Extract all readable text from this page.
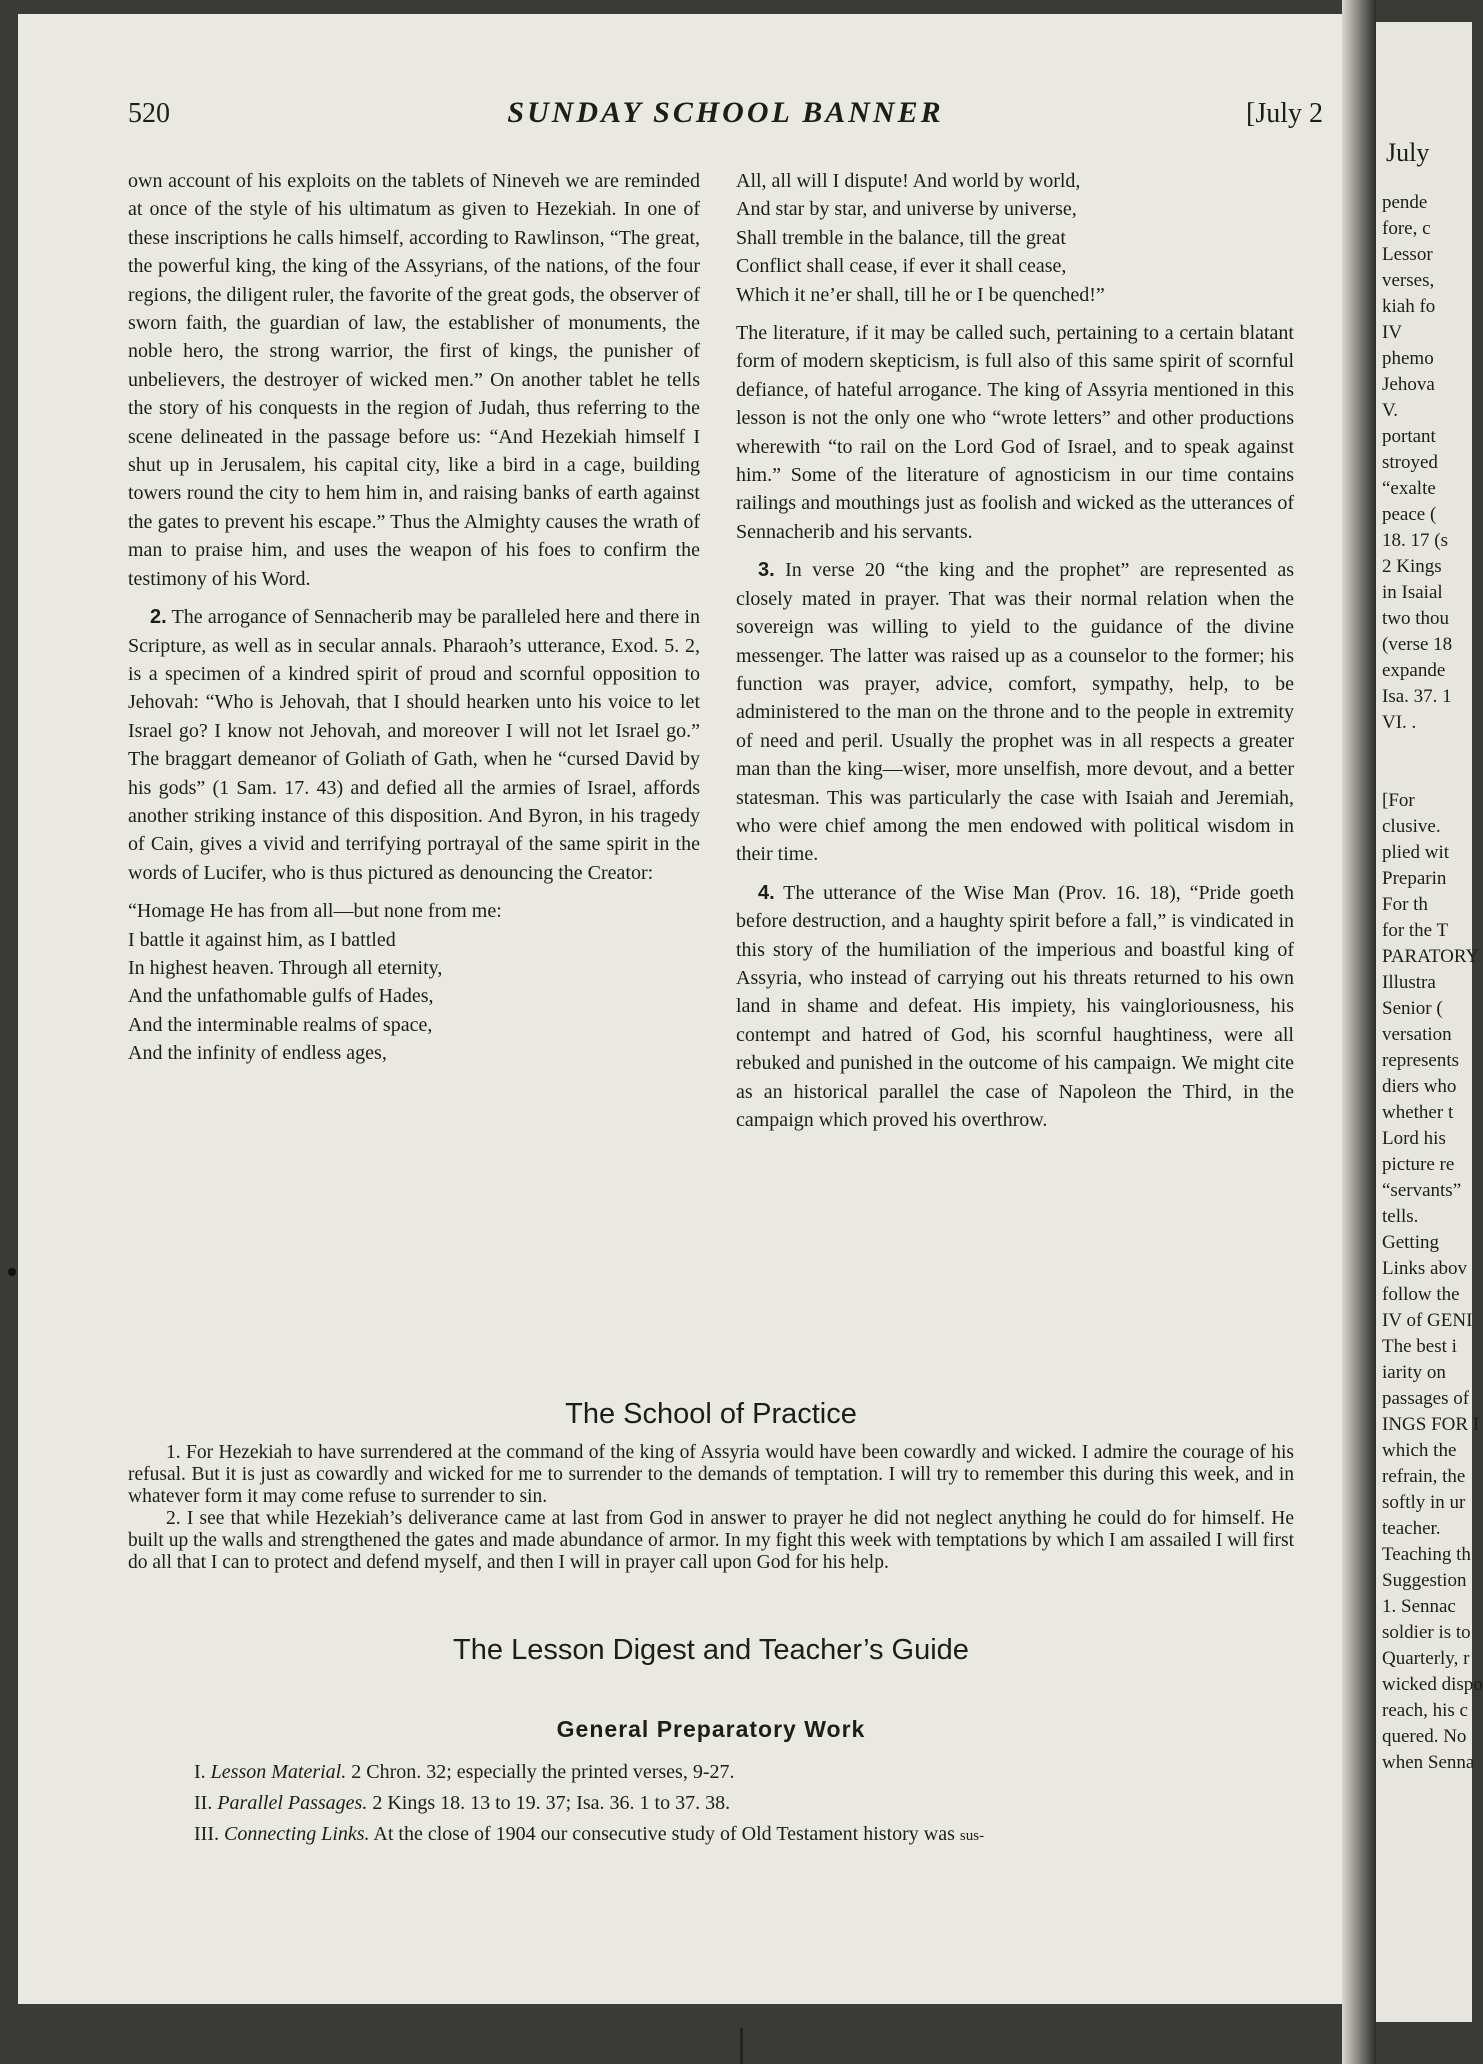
520	SUNDAY SCHOOL BANNER	[July 2

own account of his exploits on the tablets of Nineveh we are reminded at once of the style of his ultimatum as given to Hezekiah. In one of these inscriptions he calls himself, according to Rawlinson, “The great, the powerful king, the king of the Assyrians, of the nations, of the four regions, the diligent ruler, the favorite of the great gods, the observer of sworn faith, the guardian of law, the establisher of monuments, the noble hero, the strong warrior, the first of kings, the punisher of unbelievers, the destroyer of wicked men.” On another tablet he tells the story of his conquests in the region of Judah, thus referring to the scene delineated in the passage before us: “And Hezekiah himself I shut up in Jerusalem, his capital city, like a bird in a cage, building towers round the city to hem him in, and raising banks of earth against the gates to prevent his escape.” Thus the Almighty causes the wrath of man to praise him, and uses the weapon of his foes to confirm the testimony of his Word.

2. The arrogance of Sennacherib may be paralleled here and there in Scripture, as well as in secular annals. Pharaoh’s utterance, Exod. 5. 2, is a specimen of a kindred spirit of proud and scornful opposition to Jehovah: “Who is Jehovah, that I should hearken unto his voice to let Israel go? I know not Jehovah, and moreover I will not let Israel go.” The braggart demeanor of Goliath of Gath, when he “cursed David by his gods” (1 Sam. 17. 43) and defied all the armies of Israel, affords another striking instance of this disposition. And Byron, in his tragedy of Cain, gives a vivid and terrifying portrayal of the same spirit in the words of Lucifer, who is thus pictured as denouncing the Creator:

“Homage He has from all—but none from me:
I battle it against him, as I battled
In highest heaven. Through all eternity,
And the unfathomable gulfs of Hades,
And the interminable realms of space,
And the infinity of endless ages,
All, all will I dispute! And world by world,
And star by star, and universe by universe,
Shall tremble in the balance, till the great
Conflict shall cease, if ever it shall cease,
Which it ne’er shall, till he or I be quenched!”

The literature, if it may be called such, pertaining to a certain blatant form of modern skepticism, is full also of this same spirit of scornful defiance, of hateful arrogance. The king of Assyria mentioned in this lesson is not the only one who “wrote letters” and other productions wherewith “to rail on the Lord God of Israel, and to speak against him.” Some of the literature of agnosticism in our time contains railings and mouthings just as foolish and wicked as the utterances of Sennacherib and his servants.

3. In verse 20 “the king and the prophet” are represented as closely mated in prayer. That was their normal relation when the sovereign was willing to yield to the guidance of the divine messenger. The latter was raised up as a counselor to the former; his function was prayer, advice, comfort, sympathy, help, to be administered to the man on the throne and to the people in extremity of need and peril. Usually the prophet was in all respects a greater man than the king—wiser, more unselfish, more devout, and a better statesman. This was particularly the case with Isaiah and Jeremiah, who were chief among the men endowed with political wisdom in their time.

4. The utterance of the Wise Man (Prov. 16. 18), “Pride goeth before destruction, and a haughty spirit before a fall,” is vindicated in this story of the humiliation of the imperious and boastful king of Assyria, who instead of carrying out his threats returned to his own land in shame and defeat. His impiety, his vaingloriousness, his contempt and hatred of God, his scornful haughtiness, were all rebuked and punished in the outcome of his campaign. We might cite as an historical parallel the case of Napoleon the Third, in the campaign which proved his overthrow.

The School of Practice

1. For Hezekiah to have surrendered at the command of the king of Assyria would have been cowardly and wicked. I admire the courage of his refusal. But it is just as cowardly and wicked for me to surrender to the demands of temptation. I will try to remember this during this week, and in whatever form it may come refuse to surrender to sin.

2. I see that while Hezekiah’s deliverance came at last from God in answer to prayer he did not neglect anything he could do for himself. He built up the walls and strengthened the gates and made abundance of armor. In my fight this week with temptations by which I am assailed I will first do all that I can to protect and defend myself, and then I will in prayer call upon God for his help.

The Lesson Digest and Teacher’s Guide
General Preparatory Work
I. Lesson Material. 2 Chron. 32; especially the printed verses, 9-27.
II. Parallel Passages. 2 Kings 18. 13 to 19. 37; Isa. 36. 1 to 37. 38.
III. Connecting Links. At the close of 1904 our consecutive study of Old Testament history was sus-
July
pende
fore, c
Lessor
verses,
kiah fo
IV
phemo
Jehova
V.
portant
stroyed
“exalte
peace (
18. 17 (s
2 Kings
in Isaial
two thou
(verse 18
expande
Isa. 37. 1
VI. .
[For
clusive.
plied wit
Preparin
For th
for the T
PARATORY
Illustra
Senior (
versation
represents
diers who
whether t
Lord his
picture re
“servants”
tells.
Getting
Links abov
follow the
IV of GENI
The best i
iarity on
passages of
INGS FOR I
which the
refrain, the
softly in ur
teacher.
Teaching th
Suggestion
1. Sennac
soldier is to
Quarterly, r
wicked dispo
reach, his c
quered. No
when Senna
